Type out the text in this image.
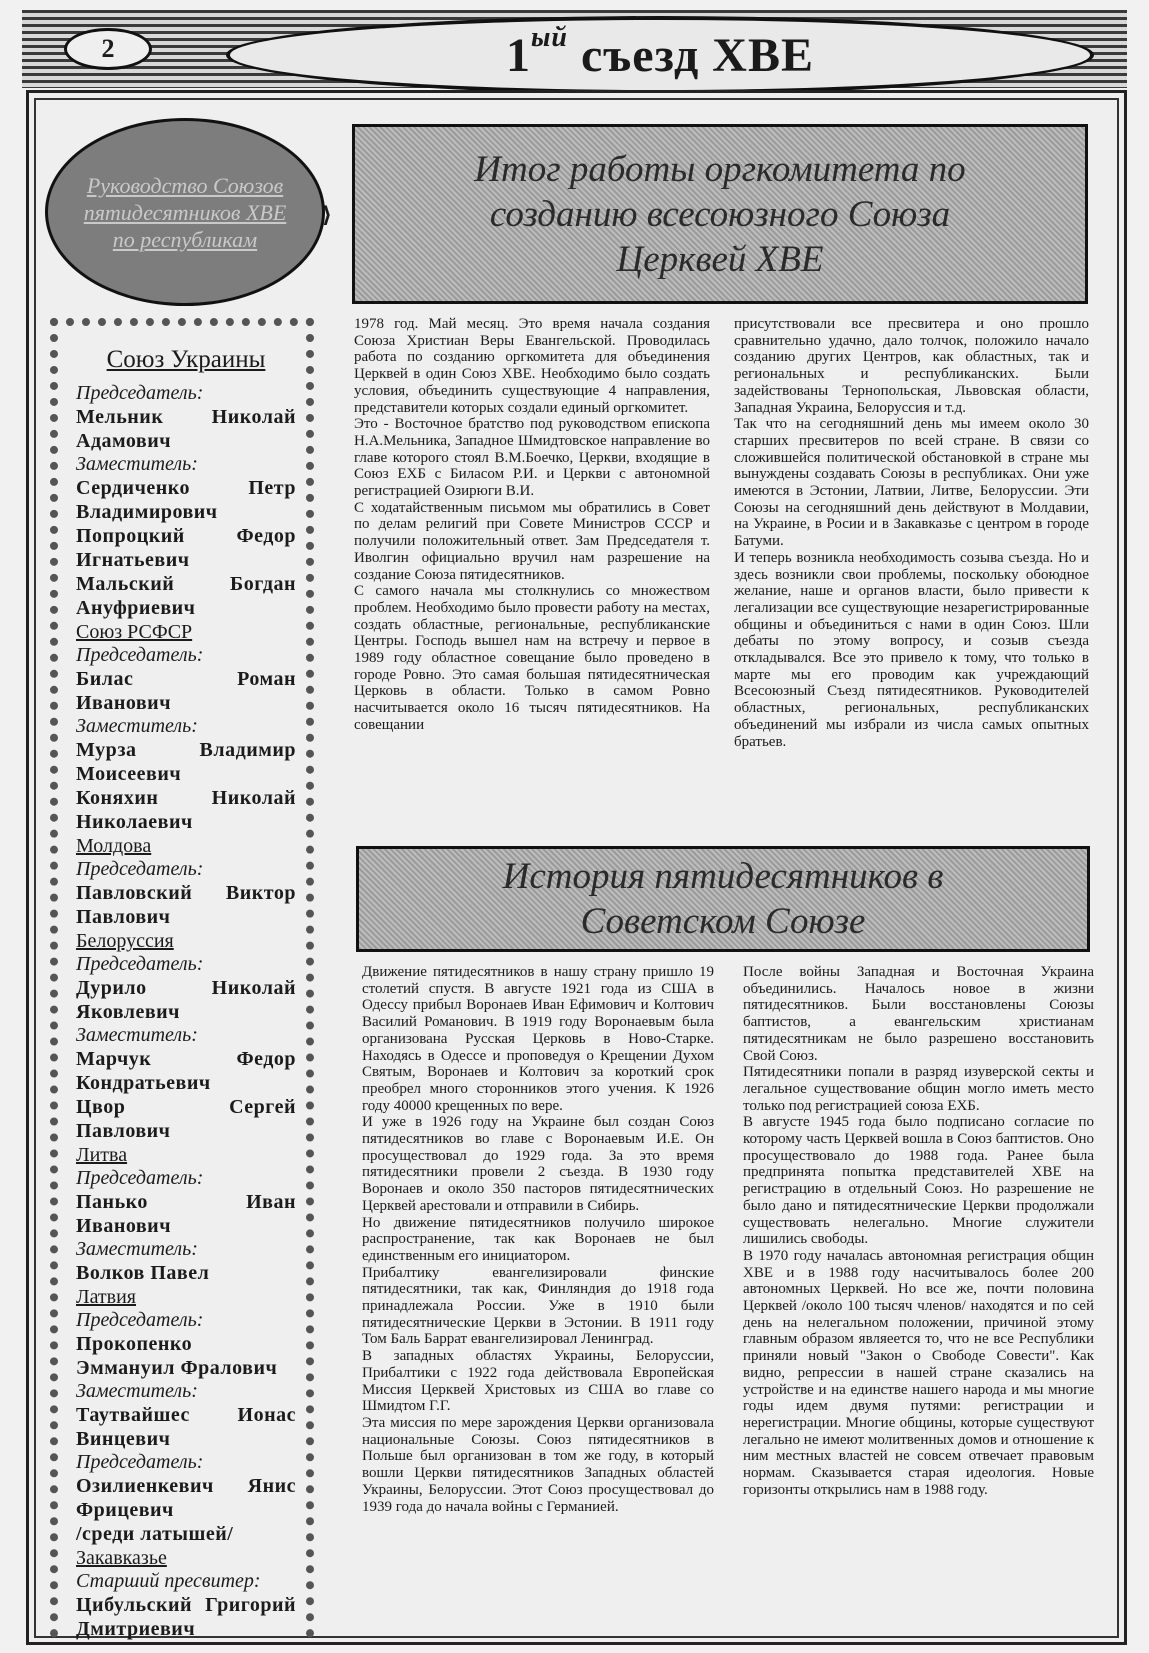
2	$1^{ый}$ съезд ХВЕ
Руководство Союзов пятидесятников ХВЕ по республикам
⟩
Союз Украины
Председатель:
Мельник Николай Адамович
Заместитель:
Сердиченко Петр Владимирович
Попроцкий Федор Игнатьевич
Мальский Богдан Ануфриевич
Союз РСФСР
Председатель:
Билас Роман Иванович
Заместитель:
Мурза Владимир Моисеевич
Коняхин Николай Николаевич
Молдова
Председатель:
Павловский Виктор Павлович
Белоруссия
Председатель:
Дурило Николай Яковлевич
Заместитель:
Марчук Федор Кондратьевич
Цвор Сергей Павлович
Литва
Председатель:
Панько Иван Иванович
Заместитель:
Волков Павел
Латвия
Председатель:
Прокопенко Эммануил Фралович
Заместитель:
Таутвайшес Ионас Винцевич
Председатель:
Озилиенкевич Янис Фрицевич
/среди латышей/
Закавказье
Старший пресвитер:
Цибульский Григорий Дмитриевич
Итог работы оргкомитета по созданию всесоюзного Союза Церквей ХВЕ

1978 год. Май месяц. Это время начала создания Союза Христиан Веры Евангельской. Проводилась работа по созданию оргкомитета для объединения Церквей в один Союз ХВЕ. Необходимо было создать условия, объединить существующие 4 направления, представители которых создали единый оргкомитет.

Это - Восточное братство под руководством епископа Н.А.Мельника, Западное Шмидтовское направление во главе которого стоял В.М.Боечко, Церкви, входящие в Союз ЕХБ с Биласом Р.И. и Церкви с автономной регистрацией Озирюги В.И.

С ходатайственным письмом мы обратились в Совет по делам религий при Совете Министров СССР и получили положительный ответ. Зам Председателя т. Иволгин официально вручил нам разрешение на создание Союза пятидесятников.

С самого начала мы столкнулись со множеством проблем. Необходимо было провести работу на местах, создать областные, региональные, республиканские Центры. Господь вышел нам на встречу и первое в 1989 году областное совещание было проведено в городе Ровно. Это самая большая пятидесятническая Церковь в области. Только в самом Ровно насчитывается около 16 тысяч пятидесятников. На совещании

присутствовали все пресвитера и оно прошло сравнительно удачно, дало толчок, положило начало созданию других Центров, как областных, так и региональных и республиканских. Были задействованы Тернопольская, Львовская области, Западная Украина, Белоруссия и т.д.

Так что на сегодняшний день мы имеем около 30 старших пресвитеров по всей стране. В связи со сложившейся политической обстановкой в стране мы вынуждены создавать Союзы в республиках. Они уже имеются в Эстонии, Латвии, Литве, Белоруссии. Эти Союзы на сегодняшний день действуют в Молдавии, на Украине, в Росии и в Закавказье с центром в городе Батуми.

И теперь возникла необходимость созыва съезда. Но и здесь возникли свои проблемы, поскольку обоюдное желание, наше и органов власти, было привести к легализации все существующие незарегистрированные общины и объединиться с нами в один Союз. Шли дебаты по этому вопросу, и созыв съезда откладывался. Все это привело к тому, что только в марте мы его проводим как учреждающий Всесоюзный Съезд пятидесятников. Руководителей областных, региональных, республиканских объединений мы избрали из числа самых опытных братьев.

История пятидесятников в Советском Союзе

Движение пятидесятников в нашу страну пришло 19 столетий спустя. В августе 1921 года из США в Одессу прибыл Воронаев Иван Ефимович и Колтович Василий Романович. В 1919 году Воронаевым была организована Русская Церковь в Ново-Старке. Находясь в Одессе и проповедуя о Крещении Духом Святым, Воронаев и Колтович за короткий срок преобрел много сторонников этого учения. К 1926 году 40000 крещенных по вере.

И уже в 1926 году на Украине был создан Союз пятидесятников во главе с Воронаевым И.Е. Он просуществовал до 1929 года. За это время пятидесятники провели 2 съезда. В 1930 году Воронаев и около 350 пасторов пятидесятнических Церквей арестовали и отправили в Сибирь.

Но движение пятидесятников получило широкое распространение, так как Воронаев не был единственным его инициатором.

Прибалтику евангелизировали финские пятидесятники, так как, Финляндия до 1918 года принадлежала России. Уже в 1910 были пятидесятнические Церкви в Эстонии. В 1911 году Том Баль Баррат евангелизировал Ленинград.

В западных областях Украины, Белоруссии, Прибалтики с 1922 года действовала Европейская Миссия Церквей Христовых из США во главе со Шмидтом Г.Г.

Эта миссия по мере зарождения Церкви организовала национальные Союзы. Союз пятидесятников в Польше был организован в том же году, в который вошли Церкви пятидесятников Западных областей Украины, Белоруссии. Этот Союз просуществовал до 1939 года до начала войны с Германией.

После войны Западная и Восточная Украина объединились. Началось новое в жизни пятидесятников. Были восстановлены Союзы баптистов, а евангельским христианам пятидесятникам не было разрешено восстановить Свой Союз.

Пятидесятники попали в разряд изуверской секты и легальное существование общин могло иметь место только под регистрацией союза ЕХБ.

В августе 1945 года было подписано согласие по которому часть Церквей вошла в Союз баптистов. Оно просуществовало до 1988 года. Ранее была предпринята попытка представителей ХВЕ на регистрацию в отдельный Союз. Но разрешение не было дано и пятидесятнические Церкви продолжали существовать нелегально. Многие служители лишились свободы.

В 1970 году началась автономная регистрация общин ХВЕ и в 1988 году насчитывалось более 200 автономных Церквей. Но все же, почти половина Церквей /около 100 тысяч членов/ находятся и по сей день на нелегальном положении, причиной этому главным образом являеется то, что не все Республики приняли новый "Закон о Свободе Совести". Как видно, репрессии в нашей стране сказались на устройстве и на единстве нашего народа и мы многие годы идем двумя путями: регистрации и нерегистрации. Многие общины, которые существуют легально не имеют молитвенных домов и отношение к ним местных властей не совсем отвечает правовым нормам. Сказывается старая идеология. Новые горизонты открылись нам в 1988 году.
